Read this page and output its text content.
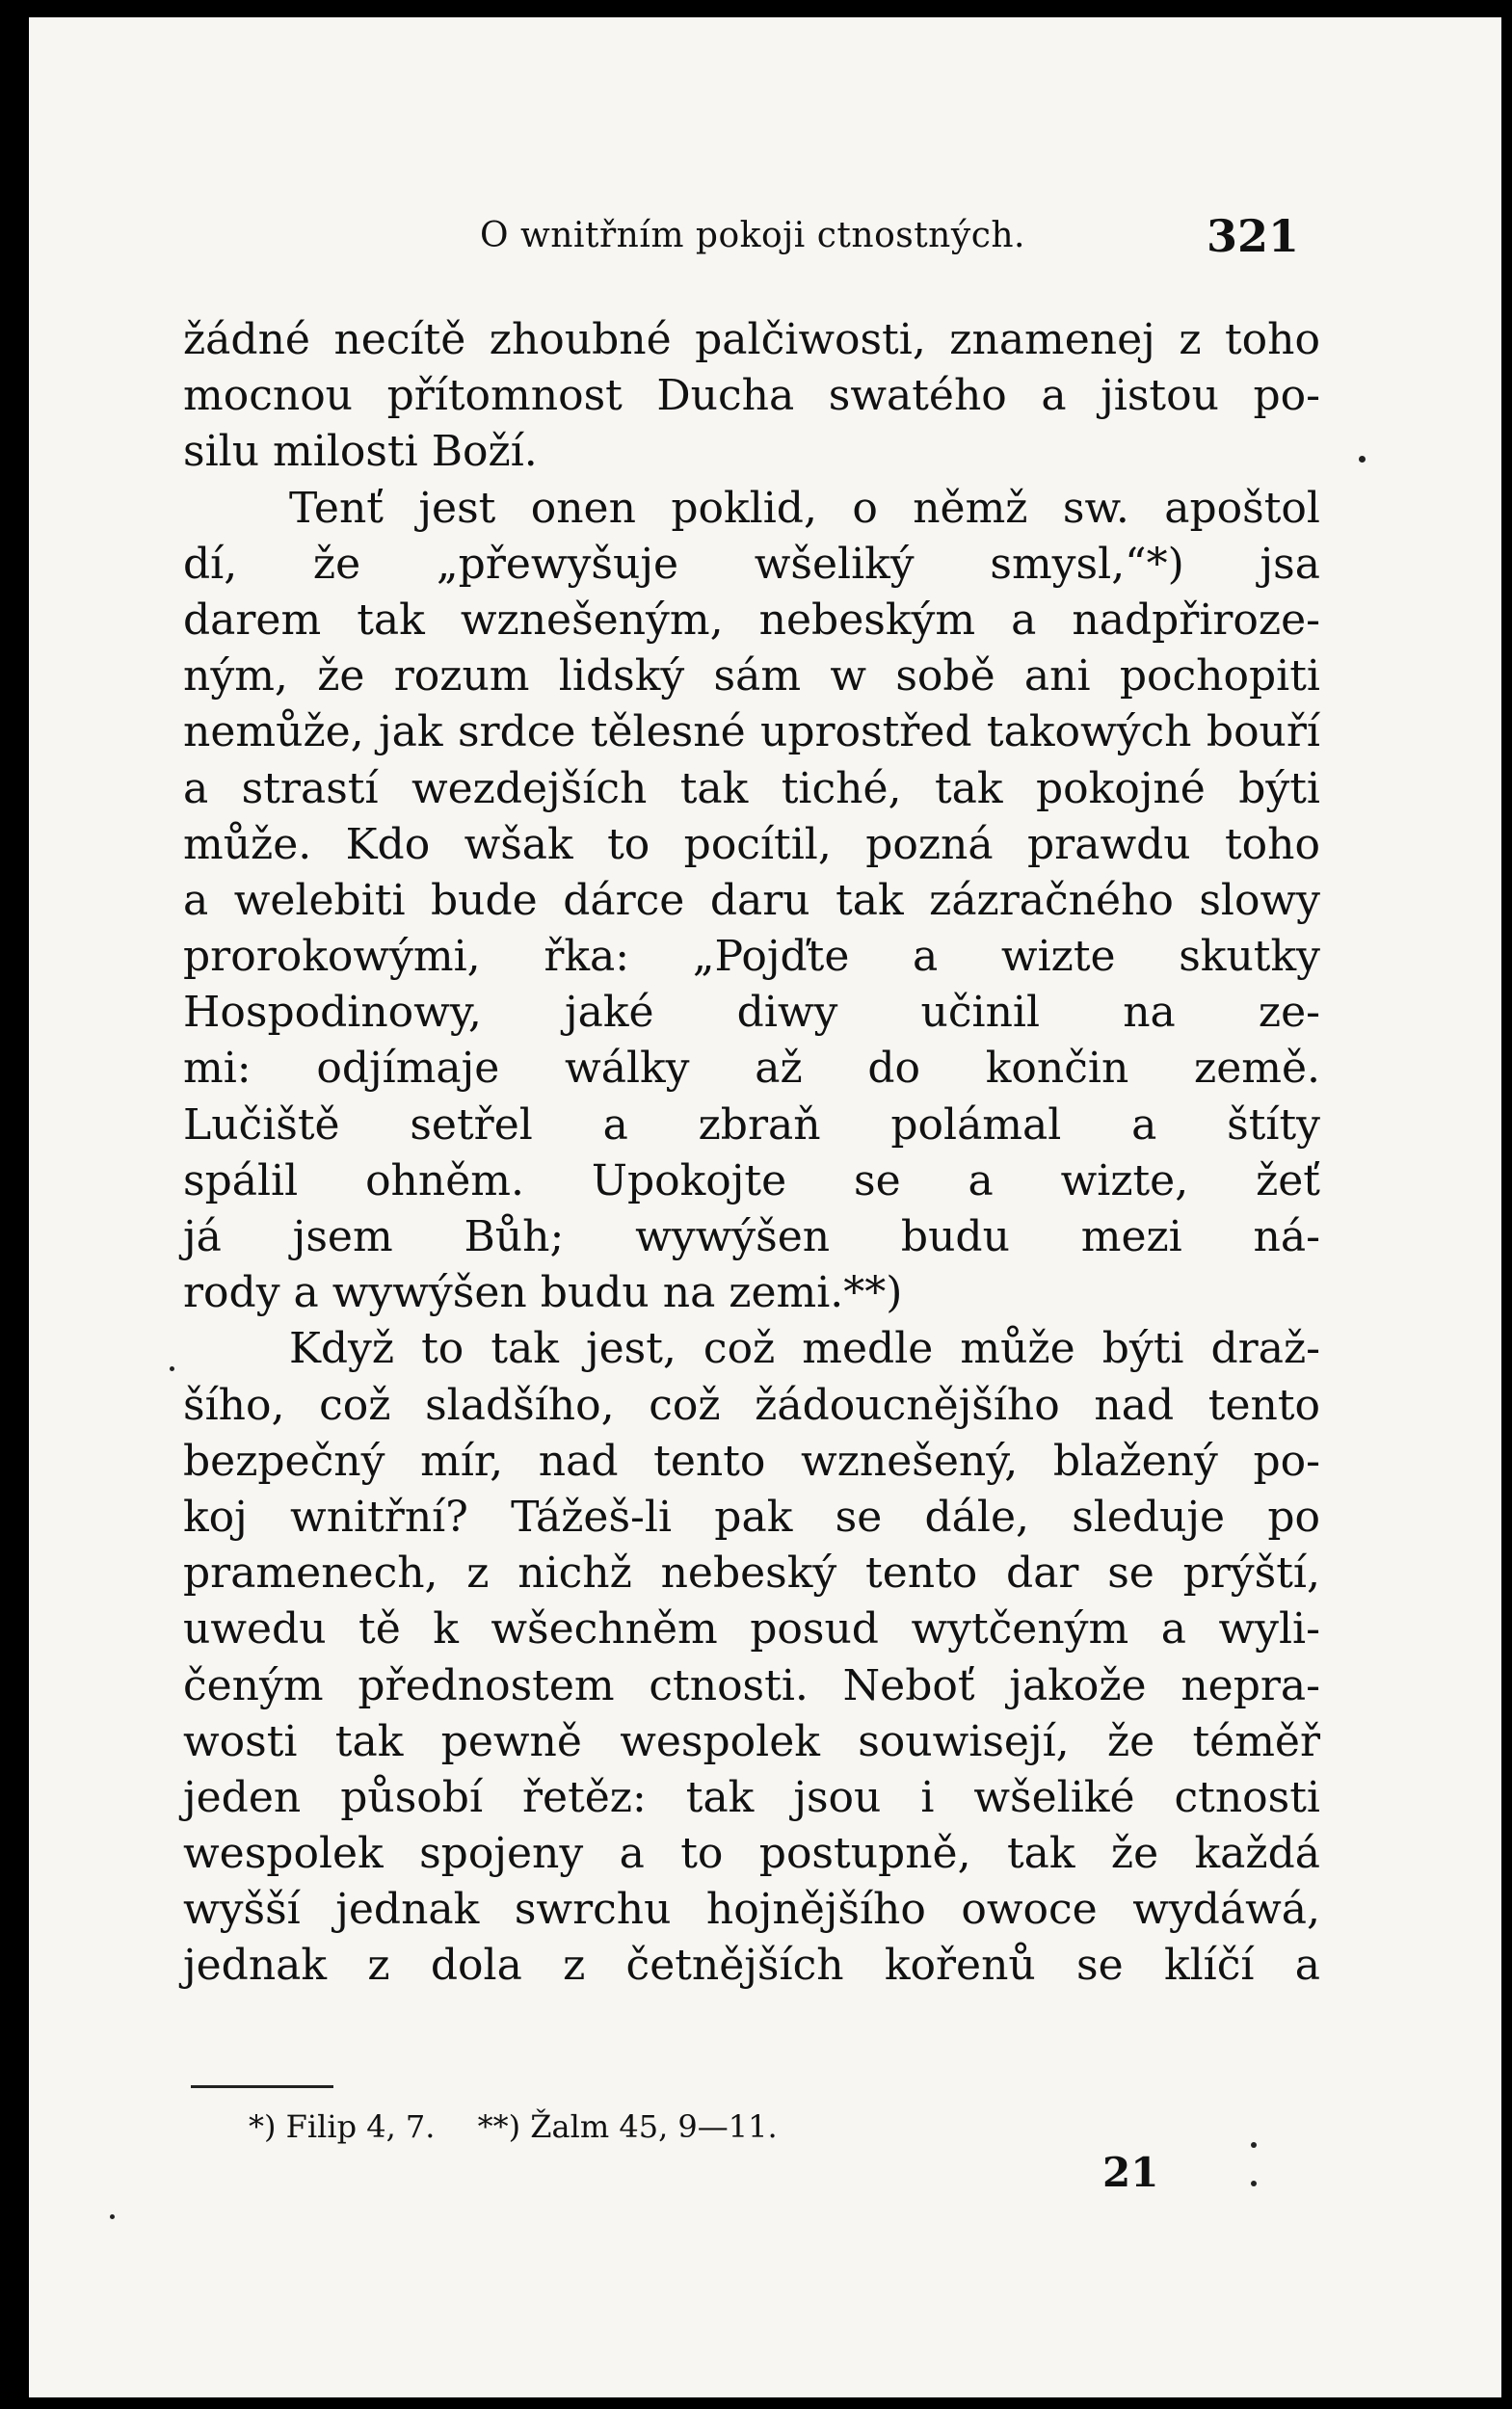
O wnitřním pokoji ctnostných.	321
žádné necítě zhoubné palčiwosti, znamenej z toho
mocnou přítomnost Ducha swatého a jistou po-
silu milosti Boží.
Tenť jest onen poklid, o němž sw. apoštol
dí, že „přewyšuje wšeliký smysl,“*) jsa
darem tak wznešeným, nebeským a nadpřiroze-
ným, že rozum lidský sám w sobě ani pochopiti
nemůže, jak srdce tělesné uprostřed takowých bouří
a strastí wezdejších tak tiché, tak pokojné býti
může. Kdo wšak to pocítil, pozná prawdu toho
a welebiti bude dárce daru tak zázračného slowy
prorokowými, řka: „Pojďte a wizte skutky
Hospodinowy, jaké diwy učinil na ze-
mi: odjímaje wálky až do končin země.
Lučiště setřel a zbraň polámal a štíty
spálil ohněm. Upokojte se a wizte, žeť
já jsem Bůh; wywýšen budu mezi ná-
rody a wywýšen budu na zemi.**)
Když to tak jest, což medle může býti draž-
šího, což sladšího, což žádoucnějšího nad tento
bezpečný mír, nad tento wznešený, blažený po-
koj wnitřní? Tážeš-li pak se dále, sleduje po
pramenech, z nichž nebeský tento dar se prýští,
uwedu tě k wšechněm posud wytčeným a wyli-
čeným přednostem ctnosti. Neboť jakože nepra-
wosti tak pewně wespolek souwisejí, že téměř
jeden působí řetěz: tak jsou i wšeliké ctnosti
wespolek spojeny a to postupně, tak že každá
wyšší jednak swrchu hojnějšího owoce wydáwá,
jednak z dola z četnějších kořenů se klíčí a
*) Filip 4, 7. **) Žalm 45, 9—11.
21
